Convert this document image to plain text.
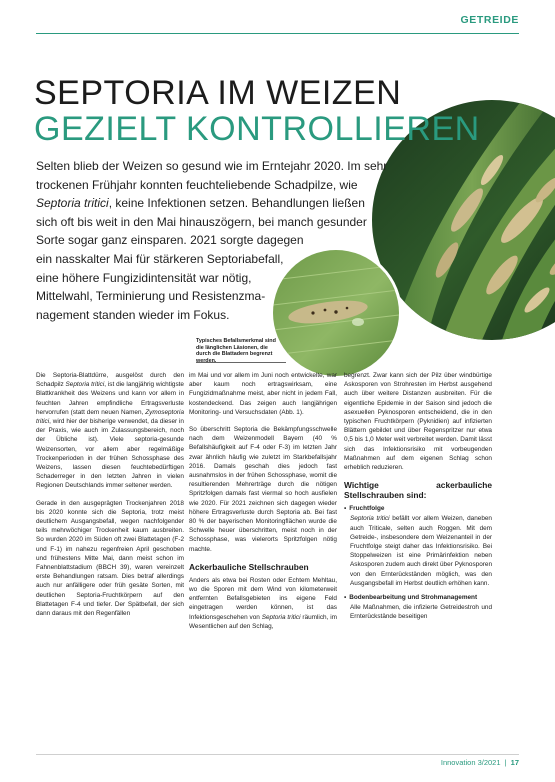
GETREIDE
SEPTORIA IM WEIZEN
GEZIELT KONTROLLIEREN
Selten blieb der Weizen so gesund wie im Erntejahr 2020. Im sehr
trockenen Frühjahr konnten feuchteliebende Schadpilze, wie
Septoria tritici, keine Infektionen setzen. Behandlungen ließen
sich oft bis weit in den Mai hinauszögern, bei manch gesunder
Sorte sogar ganz einsparen. 2021 sorgte dagegen
ein nasskalter Mai für stärkeren Septoriabefall,
eine höhere Fungizidintensität war nötig,
Mittelwahl, Terminierung und Resistenzma-
nagement standen wieder im Fokus.

Typisches Befallsmerkmal sind die länglichen Läsionen, die durch die Blattadern begrenzt werden.

Die Septoria-Blattdürre, ausgelöst durch den Schadpilz Septoria tritici, ist die langjährig wichtigste Blattkrankheit des Weizens und kann vor allem in feuchten Jahren empfindliche Ertragsverluste hervorrufen (statt dem neuen Namen, Zymoseptoria tritici, wird hier der bisherige verwendet, da dieser in der Praxis, wie auch im Zulassungsbereich, noch der Übliche ist). Viele septoria-gesunde Weizensorten, vor allem aber regelmäßige Trockenperioden in der frühen Schossphase des Weizens, lassen diesen feuchtebedürftigen Schaderreger in den letzten Jahren in vielen Regionen Deutschlands immer seltener werden.

Gerade in den ausgeprägten Trockenjahren 2018 bis 2020 konnte sich die Septoria, trotz meist deutlichem Ausgangsbefall, wegen nachfolgender teils mehrwöchiger Trockenheit kaum ausbreiten. So wurden 2020 im Süden oft zwei Blattetagen (F-2 und F-1) im nahezu regenfreien April geschoben und frühestens Mitte Mai, dann meist schon im Fahnenblattstadium (BBCH 39), waren vereinzelt erste Behandlungen ratsam. Dies betraf allerdings auch nur anfälligere oder früh gesäte Sorten, mit deutlichen Septoria-Fruchtkörpern auf den Blattetagen F-4 und tiefer. Der Spätbefall, der sich dann daraus mit den Regenfällen

im Mai und vor allem im Juni noch entwickelte, war aber kaum noch ertragswirksam, eine Fungizidmaßnahme meist, aber nicht in jedem Fall, kostendeckend. Das zeigen auch langjährigen Monitoring- und Versuchsdaten (Abb. 1).

So überschritt Septoria die Bekämpfungsschwelle nach dem Weizenmodell Bayern (40 % Befallshäufigkeit auf F-4 oder F-3) im letzten Jahr zwar ähnlich häufig wie zuletzt im Starkbefallsjahr 2016. Damals geschah dies jedoch fast ausnahmslos in der frühen Schossphase, womit die resultierenden Mehrerträge durch die nötigen Spritzfolgen damals fast viermal so hoch ausfielen wie 2020. Für 2021 zeichnen sich dagegen wieder höhere Ertragsverluste durch Septoria ab. Bei fast 80 % der bayerischen Monitoringflächen wurde die Schwelle heuer überschritten, meist noch in der Schossphase, was vielerorts Spritzfolgen nötig machte.

Ackerbauliche Stellschrauben

Anders als etwa bei Rosten oder Echtem Mehltau, wo die Sporen mit dem Wind von kilometerweit entfernten Befallsgebieten ins eigene Feld eingetragen werden können, ist das Infektionsgeschehen von Septoria tritici räumlich, im Wesentlichen auf den Schlag,

begrenzt. Zwar kann sich der Pilz über windbürtige Askosporen von Strohresten im Herbst ausgehend auch über weitere Distanzen ausbreiten. Für die eigentliche Epidemie in der Saison sind jedoch die asexuellen Pyknosporen entscheidend, die in den typischen Fruchtkörpern (Pyknidien) auf infizierten Blättern gebildet und über Regenspritzer nur etwa 0,5 bis 1,0 Meter weit verbreitet werden. Damit lässt sich das Infektionsrisiko mit vorbeugenden Maßnahmen auf dem eigenen Schlag schon erheblich reduzieren.

Wichtige ackerbauliche Stellschrauben sind:
▪ Fruchtfolge

Septoria tritici befällt vor allem Weizen, daneben auch Triticale, selten auch Roggen. Mit dem Getreide-, insbesondere dem Weizenanteil in der Fruchtfolge steigt daher das Infektionsrisiko. Bei Stoppelweizen ist eine Primärinfektion neben Askosporen zudem auch direkt über Pyknosporen von den Ernterückständen möglich, was den Ausgangsbefall im Herbst deutlich erhöhen kann.

▪ Bodenbearbeitung und Strohmanagement

Alle Maßnahmen, die infizierte Getreidestroh und Ernterückstände beseitigen

Innovation 3/2021 | 17
